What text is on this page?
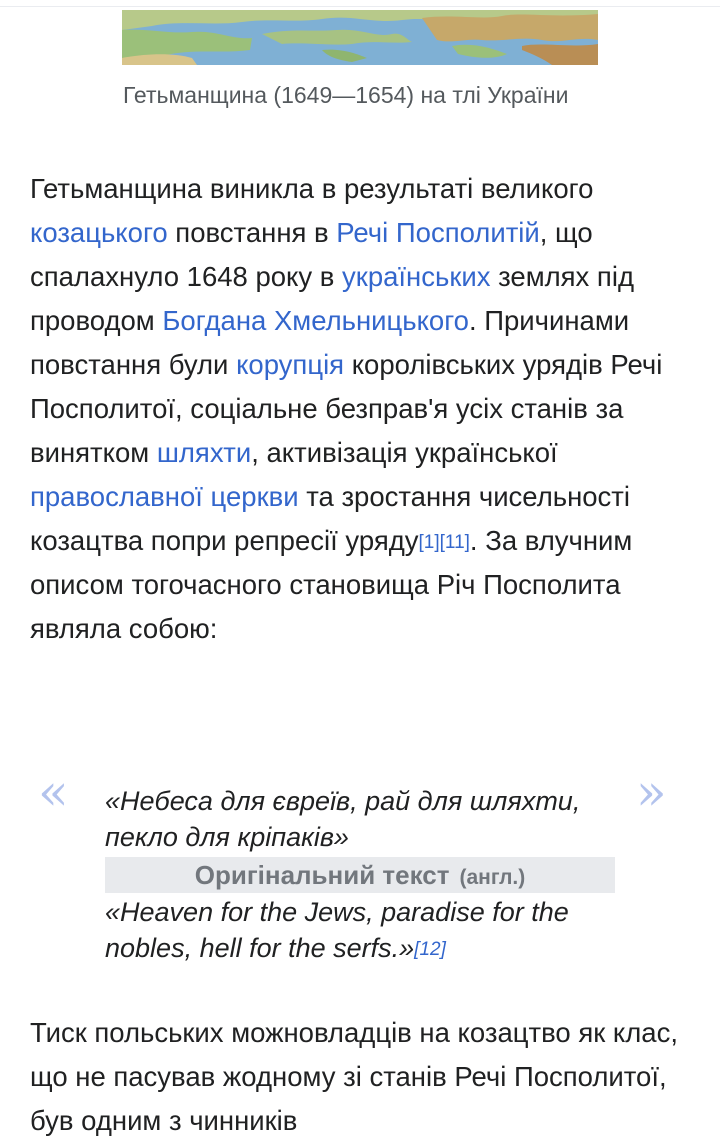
Гетьманщина (1649—1654) на тлі України

Гетьманщина виникла в результаті великого козацького повстання в Речі Посполитій, що спалахнуло 1648 року в українських землях під проводом Богдана Хмельницького. Причинами повстання були корупція королівських урядів Речі Посполитої, соціальне безправ'я усіх станів за винятком шляхти, активізація української православної церкви та зростання чисельності козацтва попри репресії уряду[1][11]. За влучним описом тогочасного становища Річ Посполита являла собою:

«	»

«Небеса для євреїв, рай для шляхти, пекло для кріпаків»

Оригінальний текст (англ.)

«Heaven for the Jews, paradise for the nobles, hell for the serfs.»[12]

Тиск польських можновладців на козацтво як клас, що не пасував жодному зі станів Речі Посполитої, був одним з чинників
